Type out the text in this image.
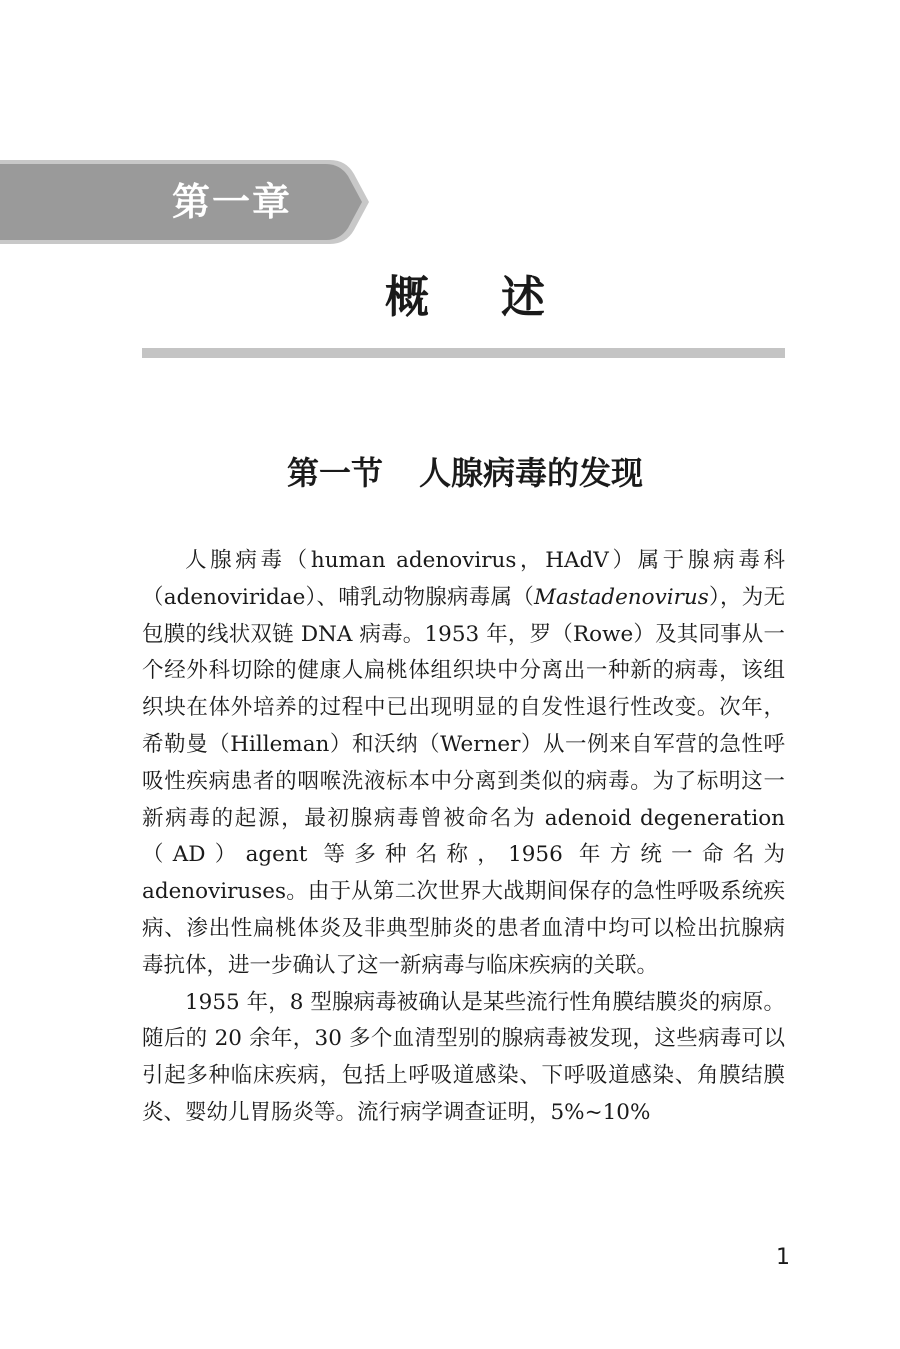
第一章
概述
第一节 人腺病毒的发现

人腺病毒（human adenovirus，HAdV）属于腺病毒科（adenoviridae）、哺乳动物腺病毒属（Mastadenovirus），为无包膜的线状双链 DNA 病毒。1953 年，罗（Rowe）及其同事从一个经外科切除的健康人扁桃体组织块中分离出一种新的病毒，该组织块在体外培养的过程中已出现明显的自发性退行性改变。次年，希勒曼（Hilleman）和沃纳（Werner）从一例来自军营的急性呼吸性疾病患者的咽喉洗液标本中分离到类似的病毒。为了标明这一新病毒的起源，最初腺病毒曾被命名为 adenoid degeneration（AD）agent 等多种名称，1956 年方统一命名为 adenoviruses。由于从第二次世界大战期间保存的急性呼吸系统疾病、渗出性扁桃体炎及非典型肺炎的患者血清中均可以检出抗腺病毒抗体，进一步确认了这一新病毒与临床疾病的关联。

1955 年，8 型腺病毒被确认是某些流行性角膜结膜炎的病原。随后的 20 余年，30 多个血清型别的腺病毒被发现，这些病毒可以引起多种临床疾病，包括上呼吸道感染、下呼吸道感染、角膜结膜炎、婴幼儿胃肠炎等。流行病学调查证明，5%~10%

1
